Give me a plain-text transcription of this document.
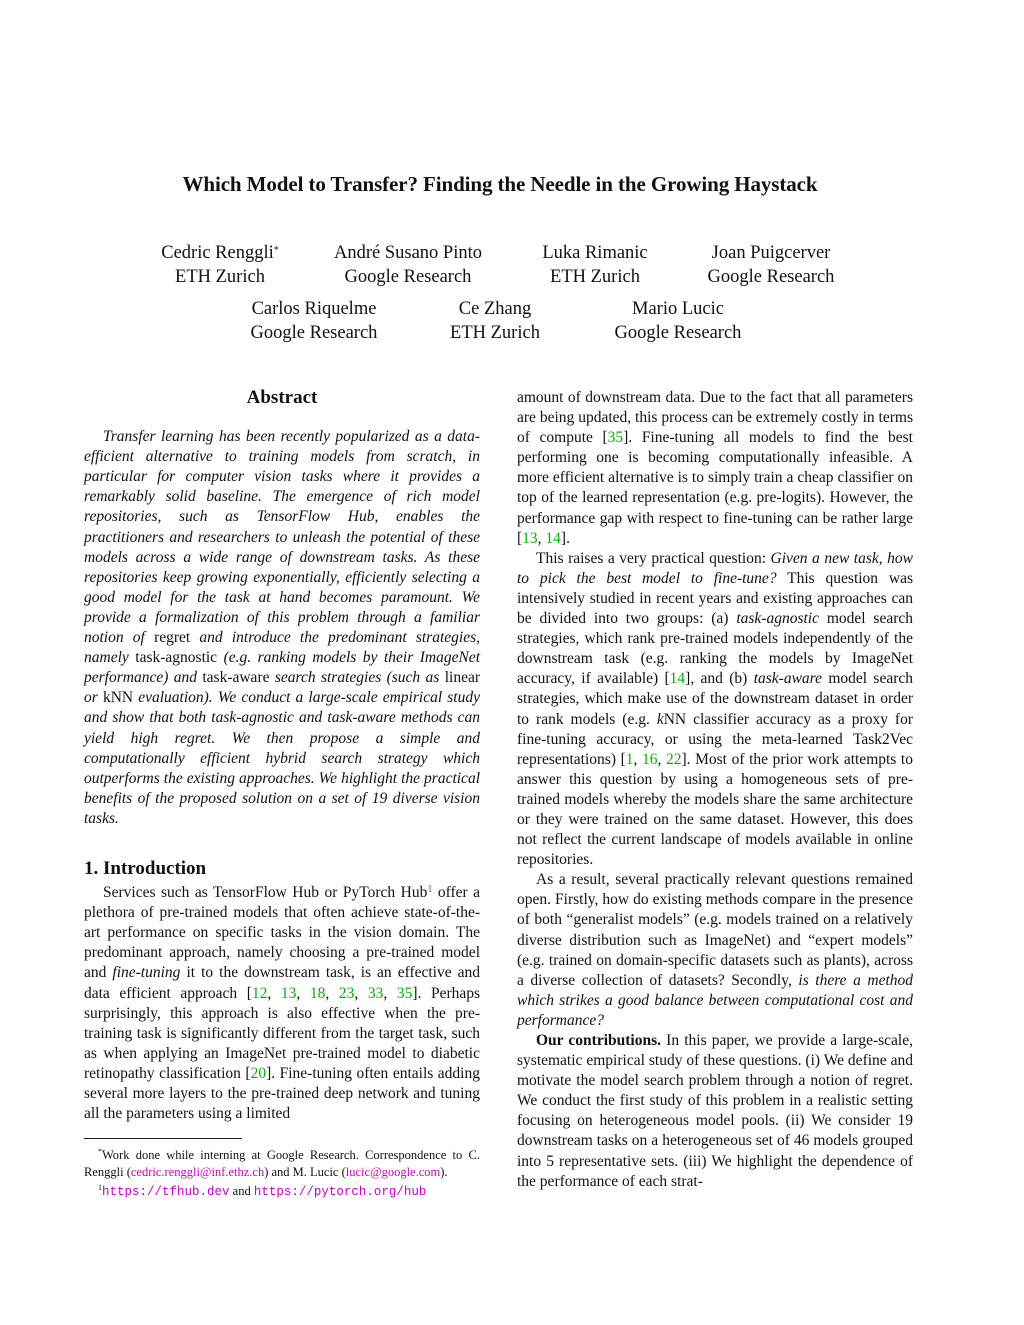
Which Model to Transfer? Finding the Needle in the Growing Haystack
Cedric Renggli*
ETH Zurich
André Susano Pinto
Google Research
Luka Rimanic
ETH Zurich
Joan Puigcerver
Google Research
Carlos Riquelme
Google Research
Ce Zhang
ETH Zurich
Mario Lucic
Google Research
Abstract

Transfer learning has been recently popularized as a data-efficient alternative to training models from scratch, in particular for computer vision tasks where it provides a remarkably solid baseline. The emergence of rich model repositories, such as TensorFlow Hub, enables the practitioners and researchers to unleash the potential of these models across a wide range of downstream tasks. As these repositories keep growing exponentially, efficiently selecting a good model for the task at hand becomes paramount. We provide a formalization of this problem through a familiar notion of regret and introduce the predominant strategies, namely task-agnostic (e.g. ranking models by their ImageNet performance) and task-aware search strategies (such as linear or kNN evaluation). We conduct a large-scale empirical study and show that both task-agnostic and task-aware methods can yield high regret. We then propose a simple and computationally efficient hybrid search strategy which outperforms the existing approaches. We highlight the practical benefits of the proposed solution on a set of 19 diverse vision tasks.

1. Introduction

Services such as TensorFlow Hub or PyTorch Hub$^1$ offer a plethora of pre-trained models that often achieve state-of-the-art performance on specific tasks in the vision domain. The predominant approach, namely choosing a pre-trained model and fine-tuning it to the downstream task, is an effective and data efficient approach [12, 13, 18, 23, 33, 35]. Perhaps surprisingly, this approach is also effective when the pre-training task is significantly different from the target task, such as when applying an ImageNet pre-trained model to diabetic retinopathy classification [20]. Fine-tuning often entails adding several more layers to the pre-trained deep network and tuning all the parameters using a limited

*Work done while interning at Google Research. Correspondence to C. Renggli (cedric.renggli@inf.ethz.ch) and M. Lucic (lucic@google.com).

$^1$https://tfhub.dev and https://pytorch.org/hub

amount of downstream data. Due to the fact that all parameters are being updated, this process can be extremely costly in terms of compute [35]. Fine-tuning all models to find the best performing one is becoming computationally infeasible. A more efficient alternative is to simply train a cheap classifier on top of the learned representation (e.g. pre-logits). However, the performance gap with respect to fine-tuning can be rather large [13, 14].

This raises a very practical question: Given a new task, how to pick the best model to fine-tune? This question was intensively studied in recent years and existing approaches can be divided into two groups: (a) task-agnostic model search strategies, which rank pre-trained models independently of the downstream task (e.g. ranking the models by ImageNet accuracy, if available) [14], and (b) task-aware model search strategies, which make use of the downstream dataset in order to rank models (e.g. kNN classifier accuracy as a proxy for fine-tuning accuracy, or using the meta-learned Task2Vec representations) [1, 16, 22]. Most of the prior work attempts to answer this question by using a homogeneous sets of pre-trained models whereby the models share the same architecture or they were trained on the same dataset. However, this does not reflect the current landscape of models available in online repositories.

As a result, several practically relevant questions remained open. Firstly, how do existing methods compare in the presence of both “generalist models” (e.g. models trained on a relatively diverse distribution such as ImageNet) and “expert models” (e.g. trained on domain-specific datasets such as plants), across a diverse collection of datasets? Secondly, is there a method which strikes a good balance between computational cost and performance?

Our contributions. In this paper, we provide a large-scale, systematic empirical study of these questions. (i) We define and motivate the model search problem through a notion of regret. We conduct the first study of this problem in a realistic setting focusing on heterogeneous model pools. (ii) We consider 19 downstream tasks on a heterogeneous set of 46 models grouped into 5 representative sets. (iii) We highlight the dependence of the performance of each strat-
